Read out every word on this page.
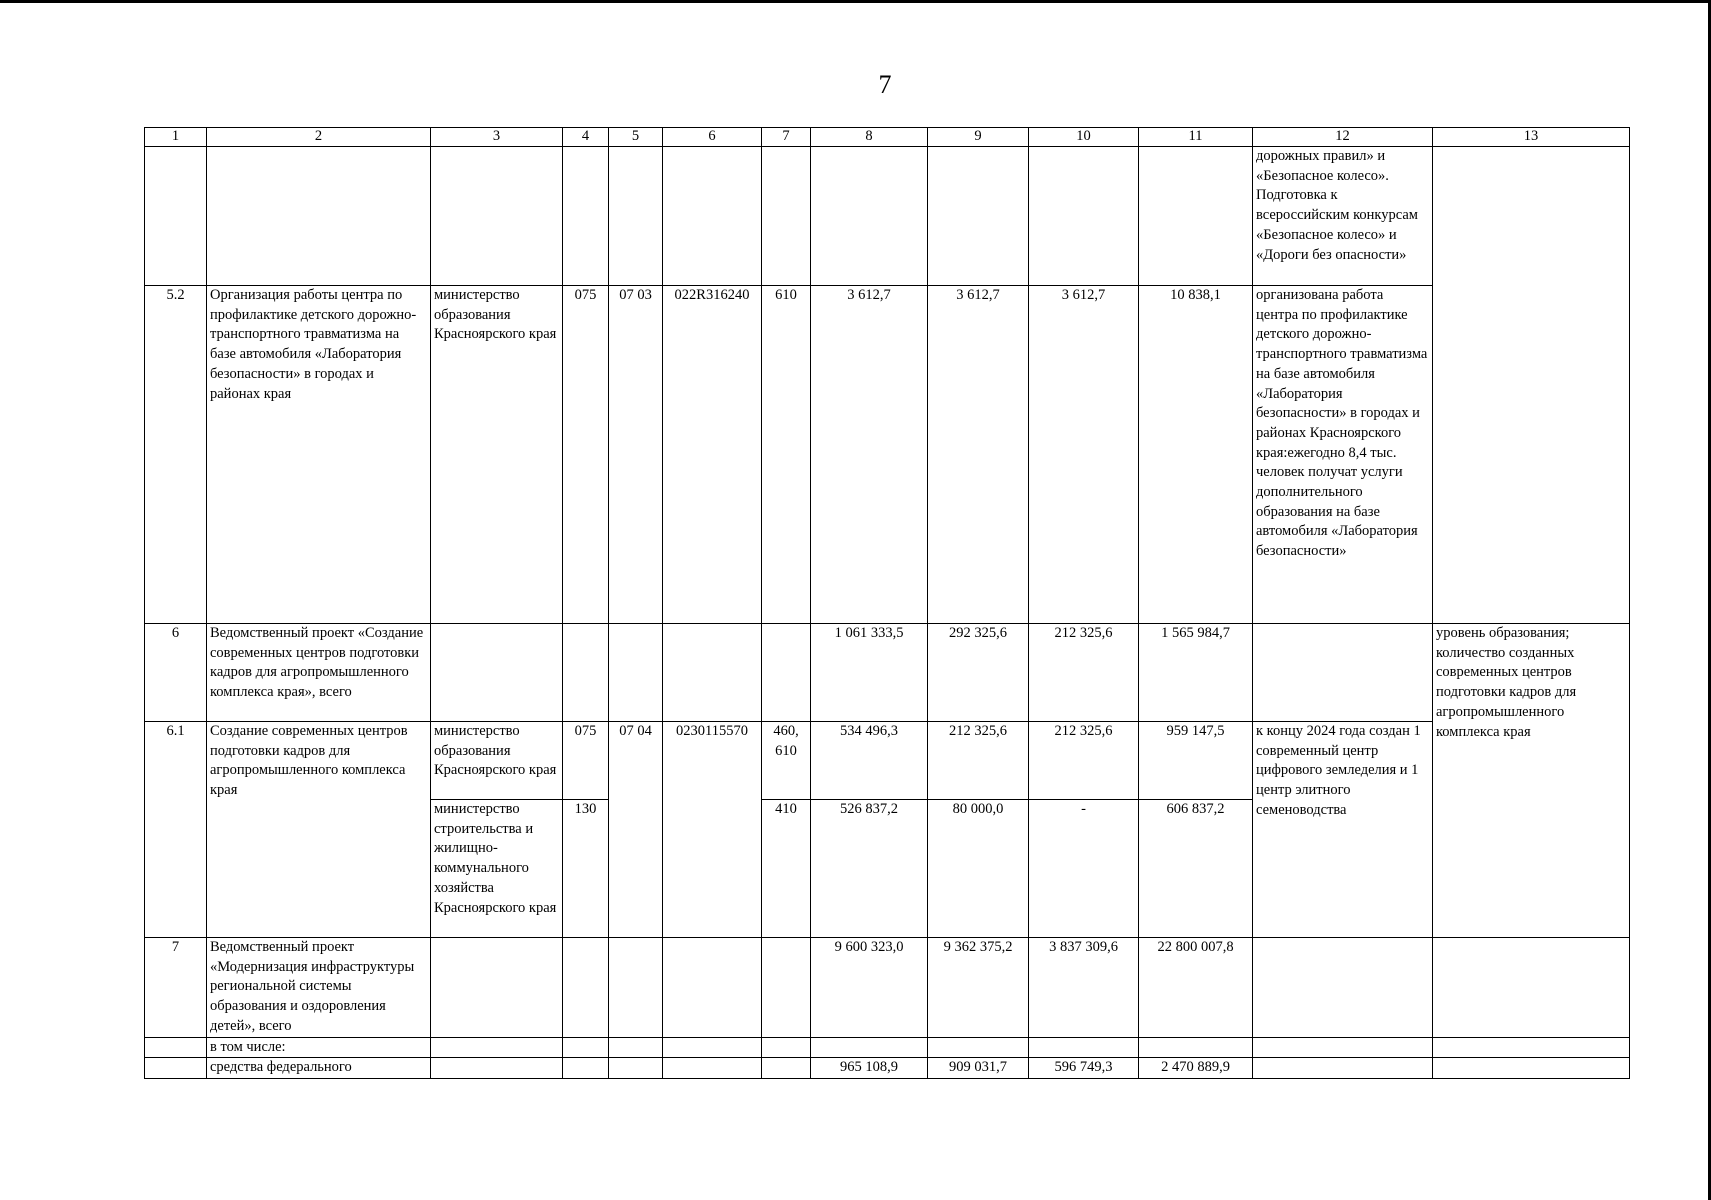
7
1	2	3	4	5	6	7	8	9	10	11	12	13
											дорожных правил» и «Безопасное колесо». Подготовка к всероссийским конкурсам «Безопасное колесо» и «Дороги без опасности»	
5.2	Организация работы центра по профилактике детского дорожно-транспортного травматизма на базе автомобиля «Лаборатория безопасности» в городах и районах края	министерство образования Красноярского края	075	07 03	022R316240	610	3 612,7	3 612,7	3 612,7	10 838,1	организована работа центра по профилактике детского дорожно-транспортного травматизма на базе автомобиля «Лаборатория безопасности» в городах и районах Красноярского края:ежегодно 8,4 тыс. человек получат услуги дополнительного образования на базе автомобиля «Лаборатория безопасности»	
6	Ведомственный проект «Создание современных центров подготовки кадров для агропромышленного комплекса края», всего						1 061 333,5	292 325,6	212 325,6	1 565 984,7		уровень образования; количество созданных современных центров подготовки кадров для агропромышленного комплекса края
6.1	Создание современных центров подготовки кадров для агропромышленного комплекса края	министерство образования Красноярского края	075	07 04	0230115570	460, 610	534 496,3	212 325,6	212 325,6	959 147,5	к концу 2024 года создан 1 современный центр цифрового земледелия и 1 центр элитного семеноводства	
		министерство строительства и жилищно-коммунального хозяйства Красноярского края	130			410	526 837,2	80 000,0	-	606 837,2		
7	Ведомственный проект «Модернизация инфраструктуры региональной системы образования и оздоровления детей», всего						9 600 323,0	9 362 375,2	3 837 309,6	22 800 007,8		
	в том числе:											
	средства федерального						965 108,9	909 031,7	596 749,3	2 470 889,9		
